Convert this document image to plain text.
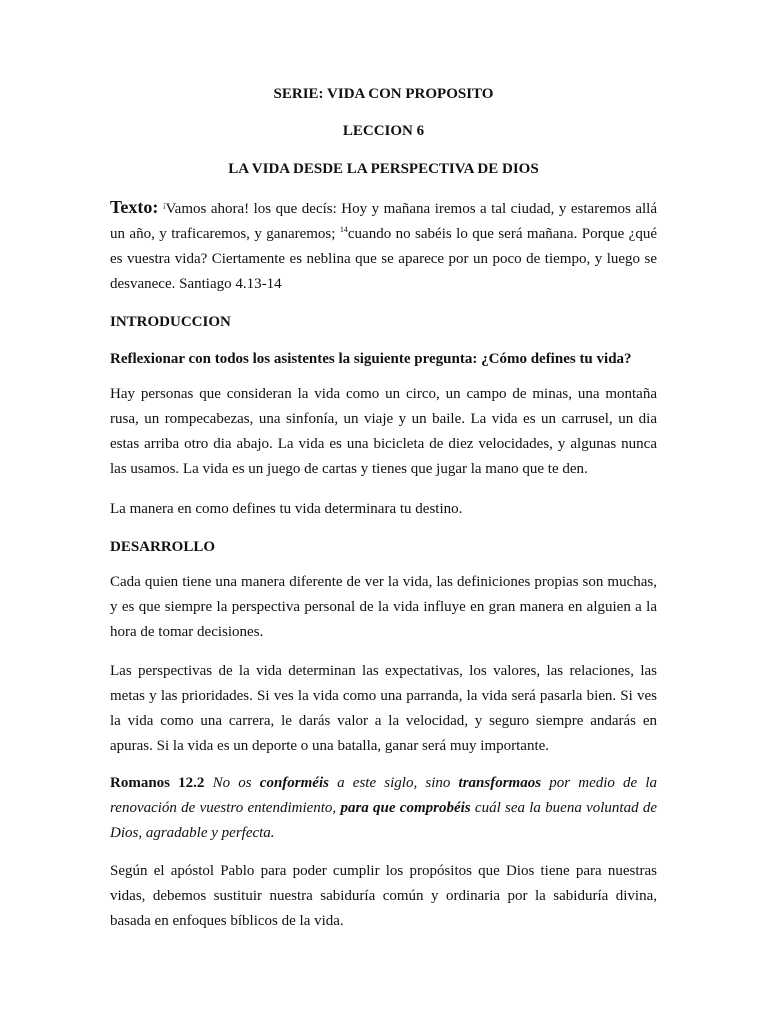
SERIE: VIDA CON PROPOSITO
LECCION 6
LA VIDA DESDE LA PERSPECTIVA DE DIOS
Texto: ¡Vamos ahora! los que decís: Hoy y mañana iremos a tal ciudad, y estaremos allá un año, y traficaremos, y ganaremos; $^{14}$cuando no sabéis lo que será mañana. Porque ¿qué es vuestra vida? Ciertamente es neblina que se aparece por un poco de tiempo, y luego se desvanece. Santiago 4.13-14
INTRODUCCION
Reflexionar con todos los asistentes la siguiente pregunta: ¿Cómo defines tu vida?
Hay personas que consideran la vida como un circo, un campo de minas, una montaña rusa, un rompecabezas, una sinfonía, un viaje y un baile. La vida es un carrusel, un dia estas arriba otro dia abajo. La vida es una bicicleta de diez velocidades, y algunas nunca las usamos. La vida es un juego de cartas y tienes que jugar la mano que te den.
La manera en como defines tu vida determinara tu destino.
DESARROLLO
Cada quien tiene una manera diferente de ver la vida, las definiciones propias son muchas, y es que siempre la perspectiva personal de la vida influye en gran manera en alguien a la hora de tomar decisiones.
Las perspectivas de la vida determinan las expectativas, los valores, las relaciones, las metas y las prioridades. Si ves la vida como una parranda, la vida será pasarla bien. Si ves la vida como una carrera, le darás valor a la velocidad, y seguro siempre andarás en apuras. Si la vida es un deporte o una batalla, ganar será muy importante.
Romanos 12.2 No os conforméis a este siglo, sino transformaos por medio de la renovación de vuestro entendimiento, para que comprobéis cuál sea la buena voluntad de Dios, agradable y perfecta.
Según el apóstol Pablo para poder cumplir los propósitos que Dios tiene para nuestras vidas, debemos sustituir nuestra sabiduría común y ordinaria por la sabiduría divina, basada en enfoques bíblicos de la vida.
